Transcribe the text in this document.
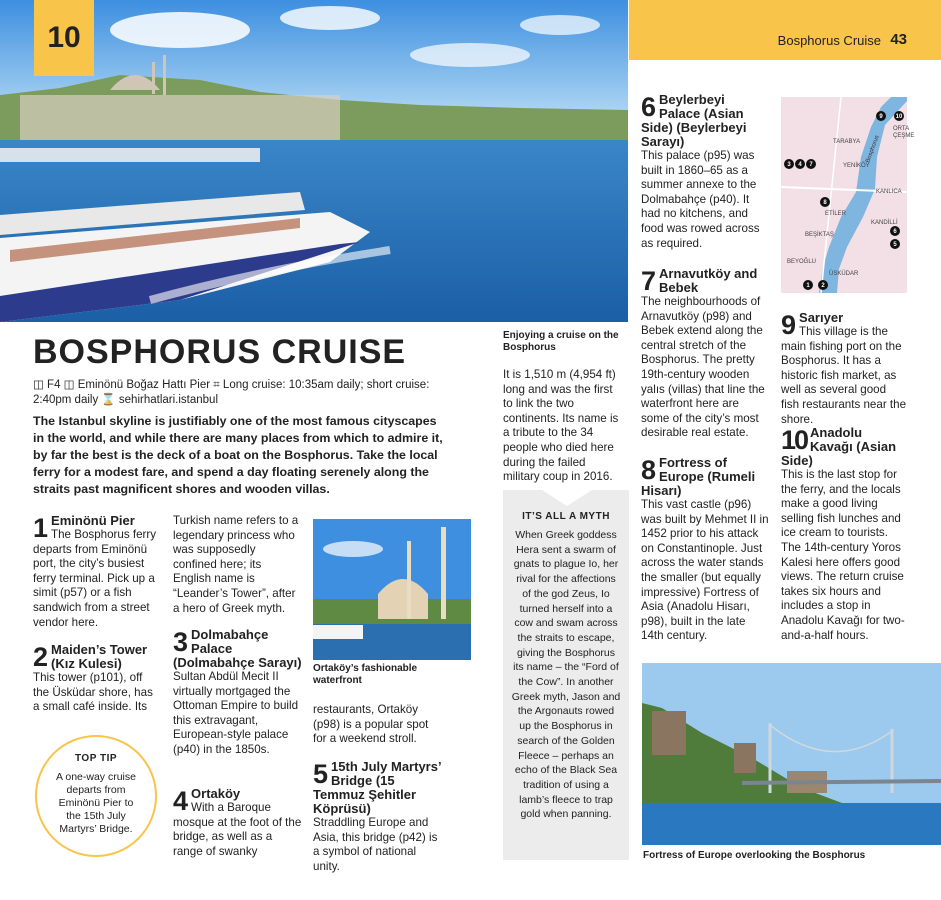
Bosphorus Cruise 43
10
ORTA
ÇEŞME
TARABYA
YENİKÖY
Bosphorus
KANLICA
ETİLER
KANDİLLİ
BEŞİKTAŞ
BEYOĞLU
ÜSKÜDAR
10
9
3 4 7
8
6
5
1 2
BOSPHORUS CRUISE
◫ F4 ◫ Eminönü Boğaz Hattı Pier ⌗ Long cruise: 10:35am daily; short cruise: 2:40pm daily ⌛ sehirhatlari.istanbul
The Istanbul skyline is justifiably one of the most famous cityscapes in the world, and while there are many places from which to admire it, by far the best is the deck of a boat on the Bosphorus. Take the local ferry for a modest fare, and spend a day floating serenely along the straits past magnificent shores and wooden villas.
Enjoying a cruise on the Bosphorus
1 Eminönü Pier
The Bosphorus ferry departs from Eminönü port, the city’s busiest ferry terminal. Pick up a simit (p57) or a fish sandwich from a street vendor here.
2 Maiden’s Tower (Kız Kulesi)
This tower (p101), off the Üsküdar shore, has a small café inside. Its
TOP TIP
A one-way cruise departs from Eminönü Pier to the 15th July Martyrs’ Bridge.
Turkish name refers to a legendary princess who was supposedly confined here; its English name is “Leander’s Tower”, after a hero of Greek myth.
3 Dolmabahçe Palace (Dolmabahçe Sarayı)
Sultan Abdül Mecit II virtually mortgaged the Ottoman Empire to build this extravagant, European-style palace (p40) in the 1850s.
4 Ortaköy
With a Baroque mosque at the foot of the bridge, as well as a range of swanky
Ortaköy’s fashionable waterfront
restaurants, Ortaköy (p98) is a popular spot for a weekend stroll.
5 15th July Martyrs’ Bridge (15 Temmuz Şehitler Köprüsü)
Straddling Europe and Asia, this bridge (p42) is a symbol of national unity.
It is 1,510 m (4,954 ft) long and was the first to link the two continents. Its name is a tribute to the 34 people who died here during the failed military coup in 2016.
IT’S ALL A MYTH
When Greek goddess Hera sent a swarm of gnats to plague Io, her rival for the affections of the god Zeus, Io turned herself into a cow and swam across the straits to escape, giving the Bosphorus its name – the “Ford of the Cow”. In another Greek myth, Jason and the Argonauts rowed up the Bosphorus in search of the Golden Fleece – perhaps an echo of the Black Sea tradition of using a lamb’s fleece to trap gold when panning.
6 Beylerbeyi Palace (Asian Side) (Beylerbeyi Sarayı)
This palace (p95) was built in 1860–65 as a summer annexe to the Dolmabahçe (p40). It had no kitchens, and food was rowed across as required.
7 Arnavutköy and Bebek
The neighbourhoods of Arnavutköy (p98) and Bebek extend along the central stretch of the Bosphorus. The pretty 19th-century wooden yalıs (villas) that line the waterfront here are some of the city’s most desirable real estate.
8 Fortress of Europe (Rumeli Hisarı)
This vast castle (p96) was built by Mehmet II in 1452 prior to his attack on Constantinople. Just across the water stands the smaller (but equally impressive) Fortress of Asia (Anadolu Hisarı, p98), built in the late 14th century.
9 Sarıyer
This village is the main fishing port on the Bosphorus. It has a historic fish market, as well as several good fish restaurants near the shore.
10 Anadolu Kavağı (Asian Side)
This is the last stop for the ferry, and the locals make a good living selling fish lunches and ice cream to tourists. The 14th-century Yoros Kalesi here offers good views. The return cruise takes six hours and includes a stop in Anadolu Kavağı for two-and-a-half hours.
Fortress of Europe overlooking the Bosphorus
